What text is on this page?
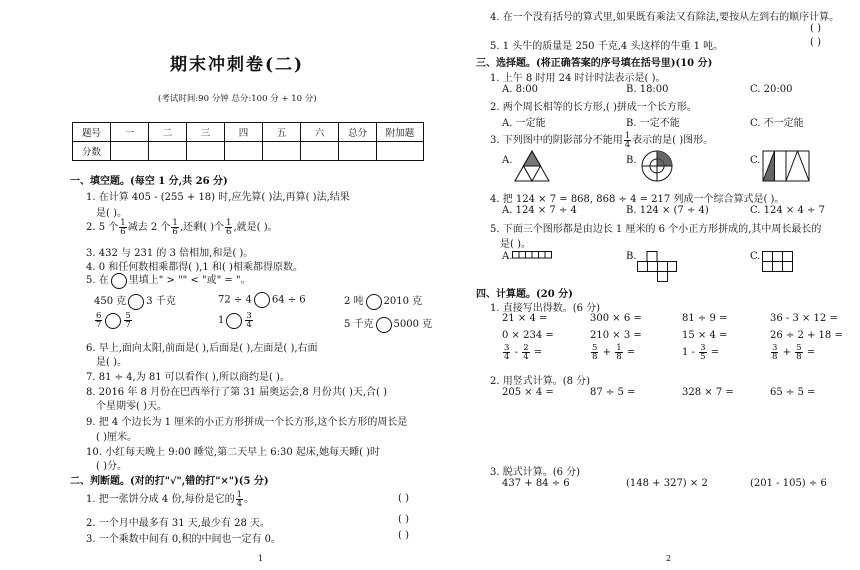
期末冲刺卷(二)
(考试时间:90 分钟 总分:100 分 + 10 分)
题号	一	二	三	四	五	六	总分	附加题
分数								
一、填空题。(每空 1 分,共 26 分)
1. 在计算 405 - (255 + 18) 时,应先算( )法,再算( )法,结果
是( )。
2. 5 个 $\frac{1}{6}$ 减去 2 个 $\frac{1}{6}$ ,还剩( )个 $\frac{1}{6}$ ,就是( )。
3. 432 与 231 的 3 倍相加,和是( )。
4. 0 和任何数相乘都得( ),1 和( )相乘都得原数。
5. 在 里填上" > "" < "或" = "。
450 克 3 千克	72 ÷ 4 64 ÷ 6	2 吨 2010 克
$\frac{6}{7}$	$\frac{5}{7}$	$1 \frac{3}{4}$	5 千克 5000 克
6. 早上,面向太阳,前面是( ),后面是( ),左面是( ),右面
是( )。
7. 81 ÷ 4,为 81 可以看作( ),所以商约是( )。
8. 2016 年 8 月份在巴西举行了第 31 届奥运会,8 月份共( )天,合( )
个星期零( )天。
9. 把 4 个边长为 1 厘米的小正方形拼成一个长方形,这个长方形的周长是
( )厘米。
10. 小红每天晚上 9:00 睡觉,第二天早上 6:30 起床,她每天睡( )时
( )分。
二、判断题。(对的打"√",错的打"×")(5 分)
1. 把一张饼分成 4 份,每份是它的 $\frac{1}{4}$ 。	( )
2. 一个月中最多有 31 天,最少有 28 天。	( )
3. 一个乘数中间有 0,积的中间也一定有 0。	( )
1
4. 在一个没有括号的算式里,如果既有乘法又有除法,要按从左到右的顺序计算。
( )
5. 1 头牛的质量是 250 千克,4 头这样的牛重 1 吨。	( )
三、选择题。(将正确答案的序号填在括号里)(10 分)
1. 上午 8 时用 24 时计时法表示是( )。
A. 8:00	B. 18:00	C. 20:00
2. 两个周长相等的长方形,( )拼成一个长方形。
A. 一定能	B. 一定不能	C. 不一定能
3. 下列图中的阴影部分不能用 $\frac{1}{4}$ 表示的是( )图形。
A.	B.	C.
4. 把 124 × 7 = 868, 868 ÷ 4 = 217 列成一个综合算式是( )。
A. 124 × 7 ÷ 4	B. 124 × (7 ÷ 4)	C. 124 × 4 ÷ 7
5. 下面三个图形都是由边长 1 厘米的 6 个小正方形拼成的,其中周长最长的
是( )。
A.	B.	C.
四、计算题。(20 分)
1. 直接写出得数。(6 分)
21 × 4 =	300 × 6 =	81 ÷ 9 =	36 - 3 × 12 =
0 × 234 =	210 × 3 =	15 × 4 =	26 ÷ 2 + 18 =
$\frac{3}{4} - \frac{2}{4}$ =	$\frac{5}{8} + \frac{1}{8}$ =	$1 - \frac{3}{5}$ =	$\frac{3}{8} + \frac{5}{8}$ =
2. 用竖式计算。(8 分)
205 × 4 =	87 ÷ 5 =	328 × 7 =	65 ÷ 5 =
3. 脱式计算。(6 分)
437 + 84 ÷ 6	(148 + 327) × 2	(201 - 105) ÷ 6
2
